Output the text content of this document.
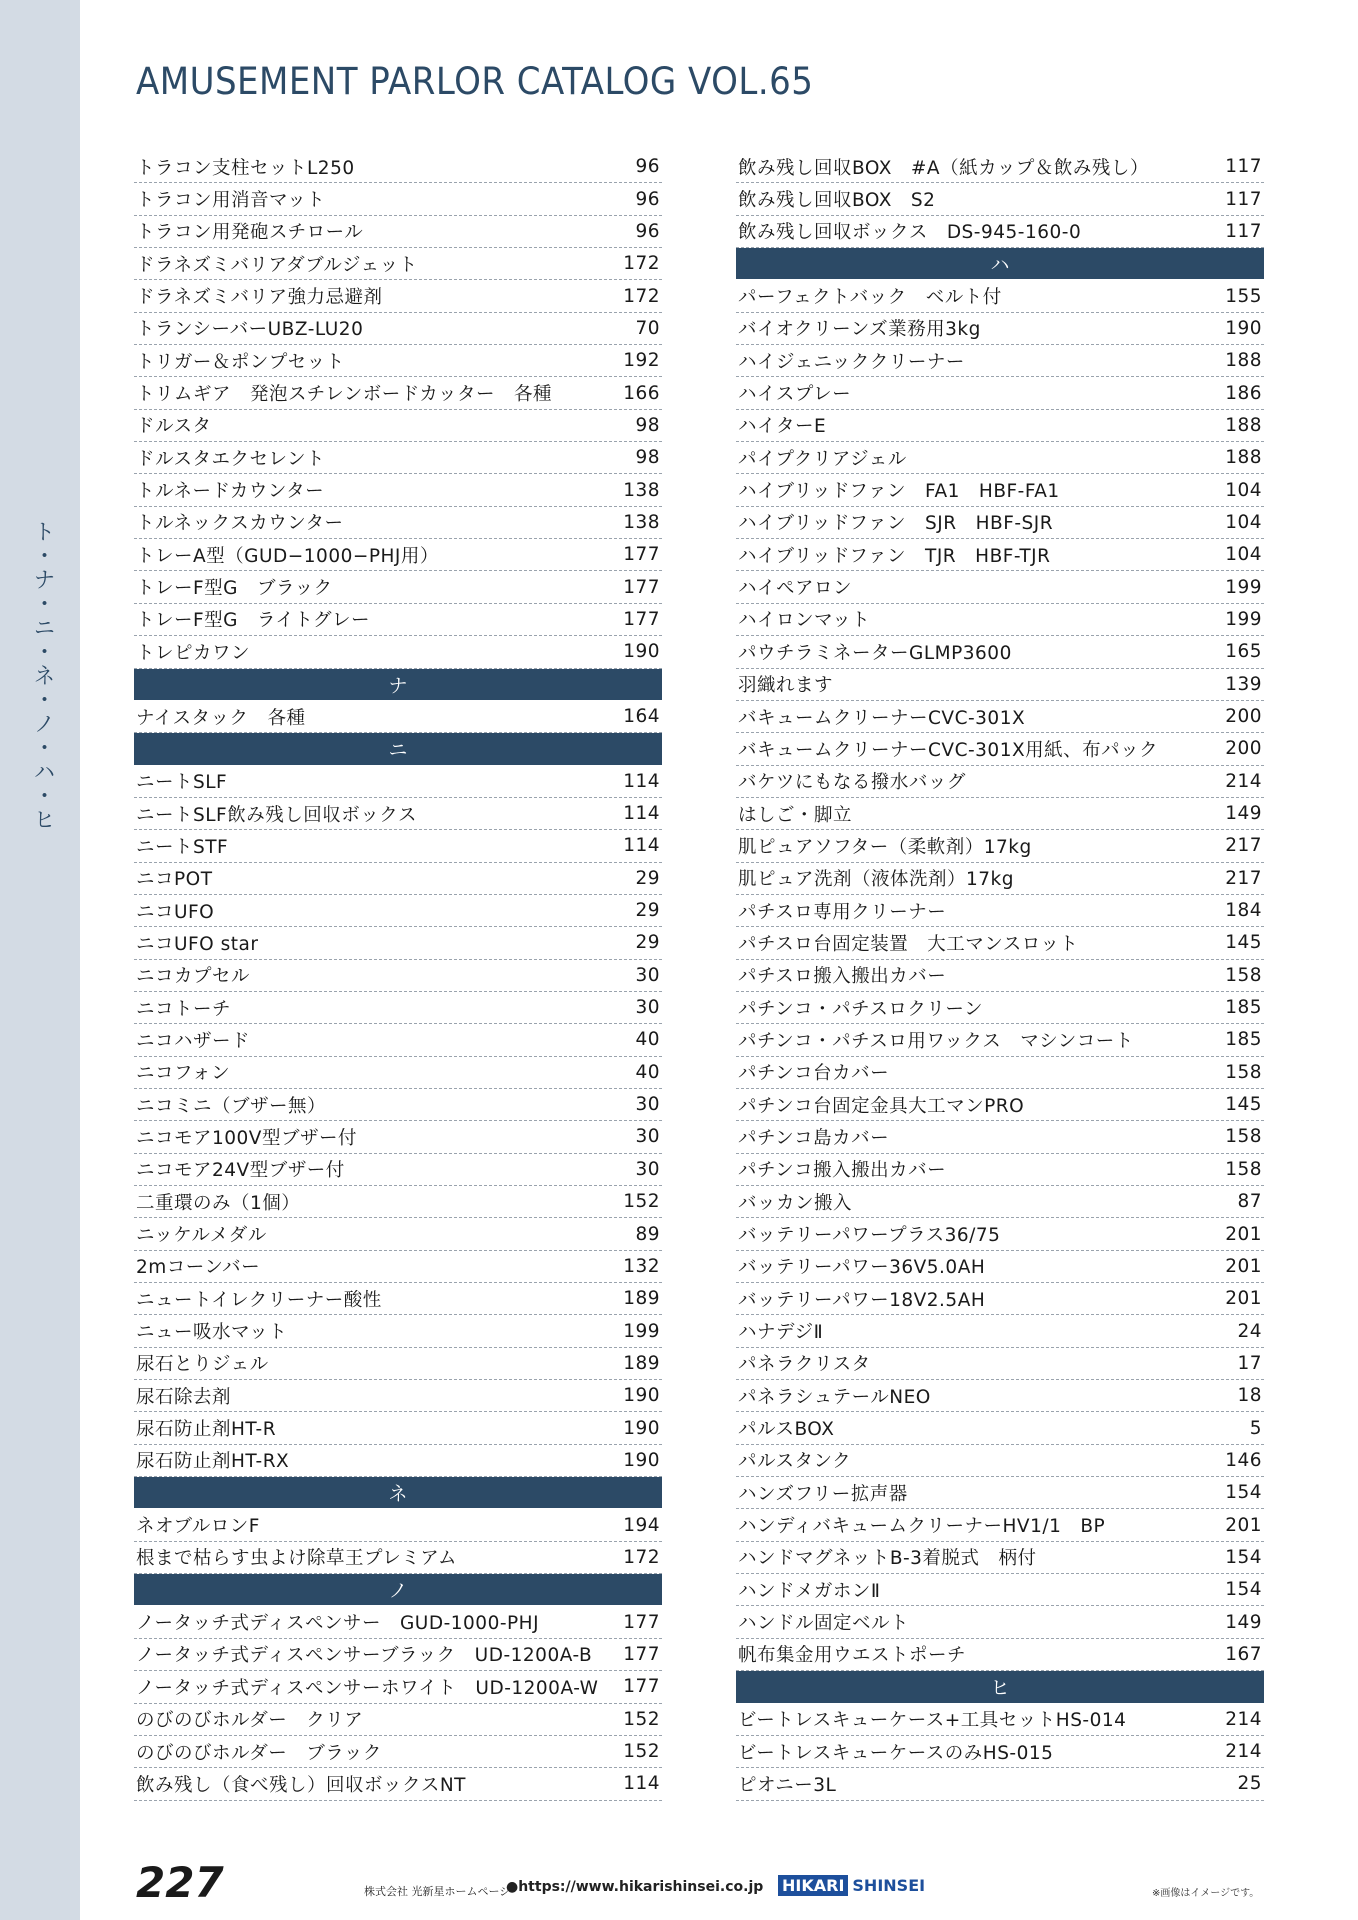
ト・ナ・ニ・ネ・ノ・ハ・ヒ
AMUSEMENT PARLOR CATALOG VOL.65
トラコン支柱セットL250	96
トラコン用消音マット	96
トラコン用発砲スチロール	96
ドラネズミバリアダブルジェット	172
ドラネズミバリア強力忌避剤	172
トランシーバーUBZ-LU20	70
トリガー＆ポンプセット	192
トリムギア　発泡スチレンボードカッター　各種	166
ドルスタ	98
ドルスタエクセレント	98
トルネードカウンター	138
トルネックスカウンター	138
トレーA型（GUD−1000−PHJ用）	177
トレーF型G　ブラック	177
トレーF型G　ライトグレー	177
トレピカワン	190
ナ
ナイスタック　各種	164
ニ
ニートSLF	114
ニートSLF飲み残し回収ボックス	114
ニートSTF	114
ニコPOT	29
ニコUFO	29
ニコUFO star	29
ニコカプセル	30
ニコトーチ	30
ニコハザード	40
ニコフォン	40
ニコミニ（ブザー無）	30
ニコモア100V型ブザー付	30
ニコモア24V型ブザー付	30
二重環のみ（1個）	152
ニッケルメダル	89
2mコーンバー	132
ニュートイレクリーナー酸性	189
ニュー吸水マット	199
尿石とりジェル	189
尿石除去剤	190
尿石防止剤HT-R	190
尿石防止剤HT-RX	190
ネ
ネオブルロンF	194
根まで枯らす虫よけ除草王プレミアム	172
ノ
ノータッチ式ディスペンサー　GUD-1000-PHJ	177
ノータッチ式ディスペンサーブラック　UD-1200A-B 177
ノータッチ式ディスペンサーホワイト　UD-1200A-W 177
のびのびホルダー　クリア	152
のびのびホルダー　ブラック	152
飲み残し（食べ残し）回収ボックスNT	114
飲み残し回収BOX　#A（紙カップ＆飲み残し）	117
飲み残し回収BOX　S2	117
飲み残し回収ボックス　DS-945-160-0	117
ハ
パーフェクトバック　ベルト付	155
バイオクリーンズ業務用3kg	190
ハイジェニッククリーナー	188
ハイスプレー	186
ハイターE	188
パイプクリアジェル	188
ハイブリッドファン　FA1　HBF-FA1	104
ハイブリッドファン　SJR　HBF-SJR	104
ハイブリッドファン　TJR　HBF-TJR	104
ハイペアロン	199
ハイロンマット	199
パウチラミネーターGLMP3600	165
羽織れます	139
バキュームクリーナーCVC-301X	200
バキュームクリーナーCVC-301X用紙、布パック	200
バケツにもなる撥水バッグ	214
はしご・脚立	149
肌ピュアソフター（柔軟剤）17kg	217
肌ピュア洗剤（液体洗剤）17kg	217
パチスロ専用クリーナー	184
パチスロ台固定装置　大工マンスロット	145
パチスロ搬入搬出カバー	158
パチンコ・パチスロクリーン	185
パチンコ・パチスロ用ワックス　マシンコート	185
パチンコ台カバー	158
パチンコ台固定金具大工マンPRO	145
パチンコ島カバー	158
パチンコ搬入搬出カバー	158
バッカン搬入	87
バッテリーパワープラス36/75	201
バッテリーパワー36V5.0AH	201
バッテリーパワー18V2.5AH	201
ハナデジⅡ	24
パネラクリスタ	17
パネラシュテールNEO	18
パルスBOX	5
パルスタンク	146
ハンズフリー拡声器	154
ハンディバキュームクリーナーHV1/1　BP	201
ハンドマグネットB-3着脱式　柄付	154
ハンドメガホンⅡ	154
ハンドル固定ベルト	149
帆布集金用ウエストポーチ	167
ヒ
ビートレスキューケース+工具セットHS-014	214
ビートレスキューケースのみHS-015	214
ピオニー3L	25
227	株式会社 光新星ホームページ
●https://www.hikarishinsei.co.jp HIKARI SHINSEI	※画像はイメージです。
